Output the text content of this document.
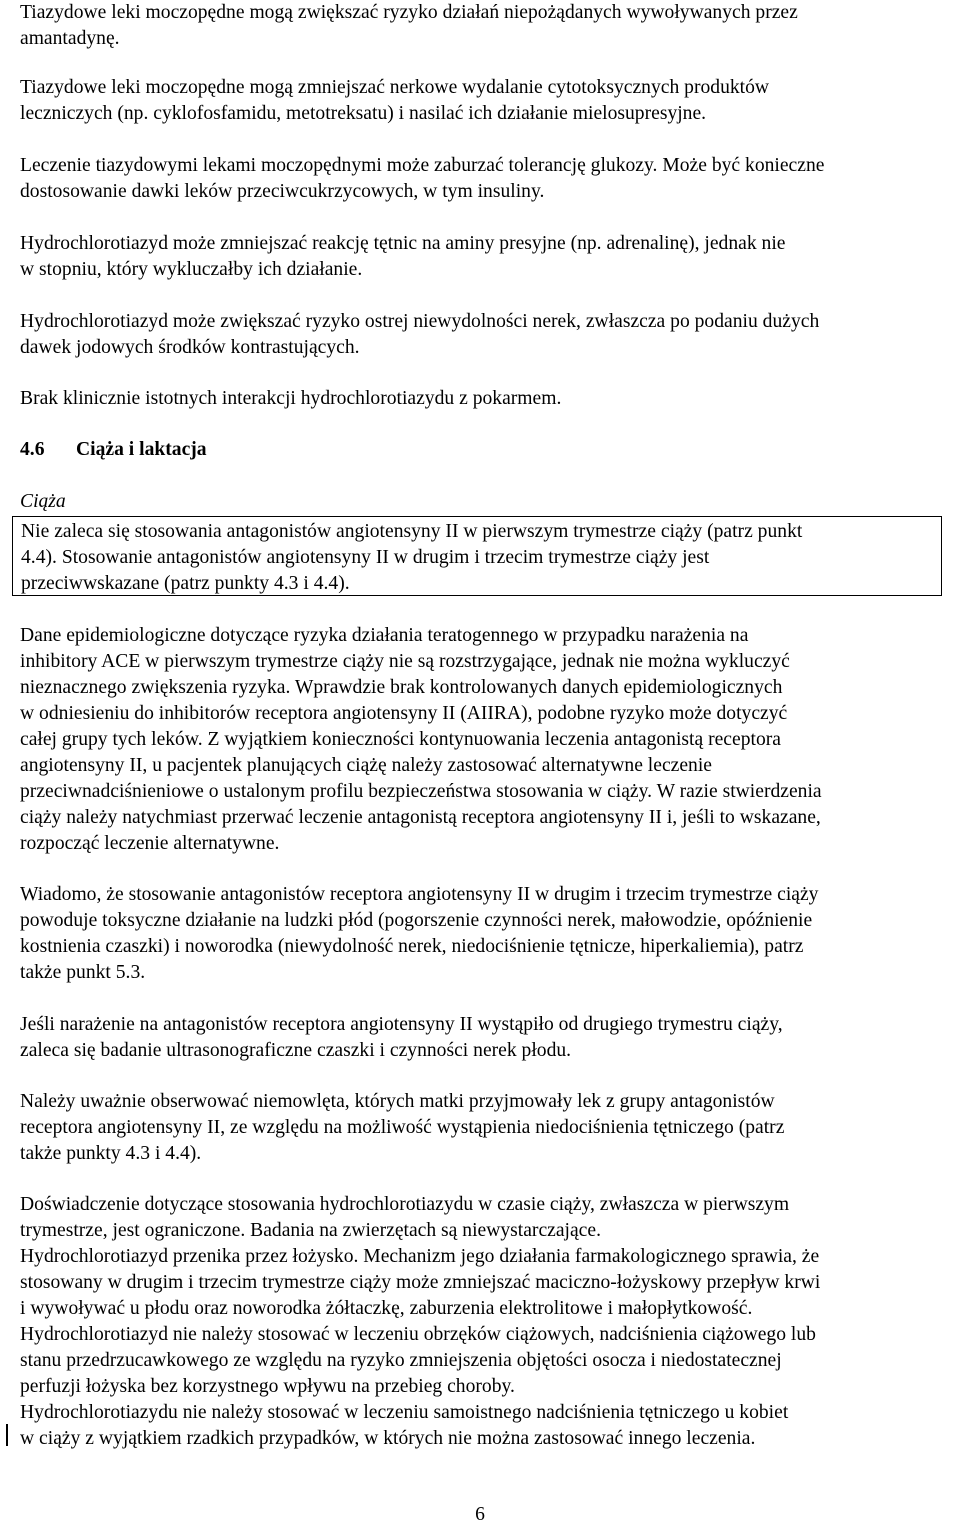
Tiazydowe leki moczopędne mogą zwiększać ryzyko działań niepożądanych wywoływanych przez
amantadynę.
Tiazydowe leki moczopędne mogą zmniejszać nerkowe wydalanie cytotoksycznych produktów
leczniczych (np. cyklofosfamidu, metotreksatu) i nasilać ich działanie mielosupresyjne.
Leczenie tiazydowymi lekami moczopędnymi może zaburzać tolerancję glukozy. Może być konieczne
dostosowanie dawki leków przeciwcukrzycowych, w tym insuliny.
Hydrochlorotiazyd może zmniejszać reakcję tętnic na aminy presyjne (np. adrenalinę), jednak nie
w stopniu, który wykluczałby ich działanie.
Hydrochlorotiazyd może zwiększać ryzyko ostrej niewydolności nerek, zwłaszcza po podaniu dużych
dawek jodowych środków kontrastujących.
Brak klinicznie istotnych interakcji hydrochlorotiazydu z pokarmem.
4.6 Ciąża i laktacja
Ciąża
Nie zaleca się stosowania antagonistów angiotensyny II w pierwszym trymestrze ciąży (patrz punkt
4.4). Stosowanie antagonistów angiotensyny II w drugim i trzecim trymestrze ciąży jest
przeciwwskazane (patrz punkty 4.3 i 4.4).
Dane epidemiologiczne dotyczące ryzyka działania teratogennego w przypadku narażenia na
inhibitory ACE w pierwszym trymestrze ciąży nie są rozstrzygające, jednak nie można wykluczyć
nieznacznego zwiększenia ryzyka. Wprawdzie brak kontrolowanych danych epidemiologicznych
w odniesieniu do inhibitorów receptora angiotensyny II (AIIRA), podobne ryzyko może dotyczyć
całej grupy tych leków. Z wyjątkiem konieczności kontynuowania leczenia antagonistą receptora
angiotensyny II, u pacjentek planujących ciążę należy zastosować alternatywne leczenie
przeciwnadciśnieniowe o ustalonym profilu bezpieczeństwa stosowania w ciąży. W razie stwierdzenia
ciąży należy natychmiast przerwać leczenie antagonistą receptora angiotensyny II i, jeśli to wskazane,
rozpocząć leczenie alternatywne.
Wiadomo, że stosowanie antagonistów receptora angiotensyny II w drugim i trzecim trymestrze ciąży
powoduje toksyczne działanie na ludzki płód (pogorszenie czynności nerek, małowodzie, opóźnienie
kostnienia czaszki) i noworodka (niewydolność nerek, niedociśnienie tętnicze, hiperkaliemia), patrz
także punkt 5.3.
Jeśli narażenie na antagonistów receptora angiotensyny II wystąpiło od drugiego trymestru ciąży,
zaleca się badanie ultrasonograficzne czaszki i czynności nerek płodu.
Należy uważnie obserwować niemowlęta, których matki przyjmowały lek z grupy antagonistów
receptora angiotensyny II, ze względu na możliwość wystąpienia niedociśnienia tętniczego (patrz
także punkty 4.3 i 4.4).
Doświadczenie dotyczące stosowania hydrochlorotiazydu w czasie ciąży, zwłaszcza w pierwszym
trymestrze, jest ograniczone. Badania na zwierzętach są niewystarczające.
Hydrochlorotiazyd przenika przez łożysko. Mechanizm jego działania farmakologicznego sprawia, że
stosowany w drugim i trzecim trymestrze ciąży może zmniejszać maciczno-łożyskowy przepływ krwi
i wywoływać u płodu oraz noworodka żółtaczkę, zaburzenia elektrolitowe i małopłytkowość.
Hydrochlorotiazyd nie należy stosować w leczeniu obrzęków ciążowych, nadciśnienia ciążowego lub
stanu przedrzucawkowego ze względu na ryzyko zmniejszenia objętości osocza i niedostatecznej
perfuzji łożyska bez korzystnego wpływu na przebieg choroby.
Hydrochlorotiazydu nie należy stosować w leczeniu samoistnego nadciśnienia tętniczego u kobiet
w ciąży z wyjątkiem rzadkich przypadków, w których nie można zastosować innego leczenia.
6
